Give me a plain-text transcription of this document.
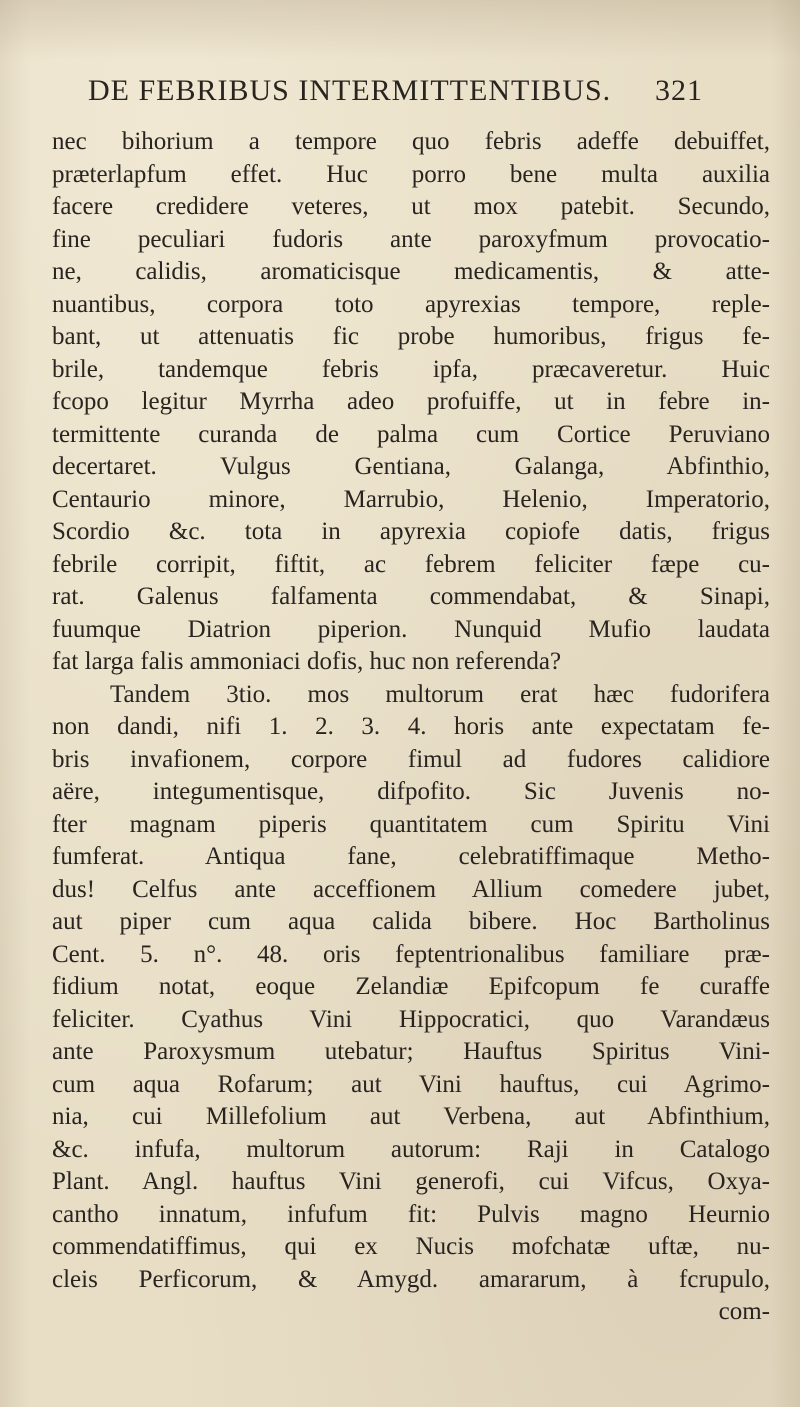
DE FEBRIBUS INTERMITTENTIBUS. 321
nec bihorium a tempore quo febris adeffe debuiffet,
præterlapfum effet. Huc porro bene multa auxilia
facere credidere veteres, ut mox patebit. Secundo,
fine peculiari fudoris ante paroxyfmum provocatio-
ne, calidis, aromaticisque medicamentis, & atte-
nuantibus, corpora toto apyrexias tempore, reple-
bant, ut attenuatis fic probe humoribus, frigus fe-
brile, tandemque febris ipfa, præcaveretur. Huic
fcopo legitur Myrrha adeo profuiffe, ut in febre in-
termittente curanda de palma cum Cortice Peruviano
decertaret. Vulgus Gentiana, Galanga, Abfinthio,
Centaurio minore, Marrubio, Helenio, Imperatorio,
Scordio &c. tota in apyrexia copiofe datis, frigus
febrile corripit, fiftit, ac febrem feliciter fæpe cu-
rat. Galenus falfamenta commendabat, & Sinapi,
fuumque Diatrion piperion. Nunquid Mufio laudata
fat larga falis ammoniaci dofis, huc non referenda?
Tandem 3tio. mos multorum erat hæc fudorifera
non dandi, nifi 1. 2. 3. 4. horis ante expectatam fe-
bris invafionem, corpore fimul ad fudores calidiore
aëre, integumentisque, difpofito. Sic Juvenis no-
fter magnam piperis quantitatem cum Spiritu Vini
fumferat. Antiqua fane, celebratiffimaque Metho-
dus! Celfus ante acceffionem Allium comedere jubet,
aut piper cum aqua calida bibere. Hoc Bartholinus
Cent. 5. n°. 48. oris feptentrionalibus familiare præ-
fidium notat, eoque Zelandiæ Epifcopum fe curaffe
feliciter. Cyathus Vini Hippocratici, quo Varandæus
ante Paroxysmum utebatur; Hauftus Spiritus Vini-
cum aqua Rofarum; aut Vini hauftus, cui Agrimo-
nia, cui Millefolium aut Verbena, aut Abfinthium,
&c. infufa, multorum autorum: Raji in Catalogo
Plant. Angl. hauftus Vini generofi, cui Vifcus, Oxya-
cantho innatum, infufum fit: Pulvis magno Heurnio
commendatiffimus, qui ex Nucis mofchatæ uftæ, nu-
cleis Perficorum, & Amygd. amararum, à fcrupulo,
com-
